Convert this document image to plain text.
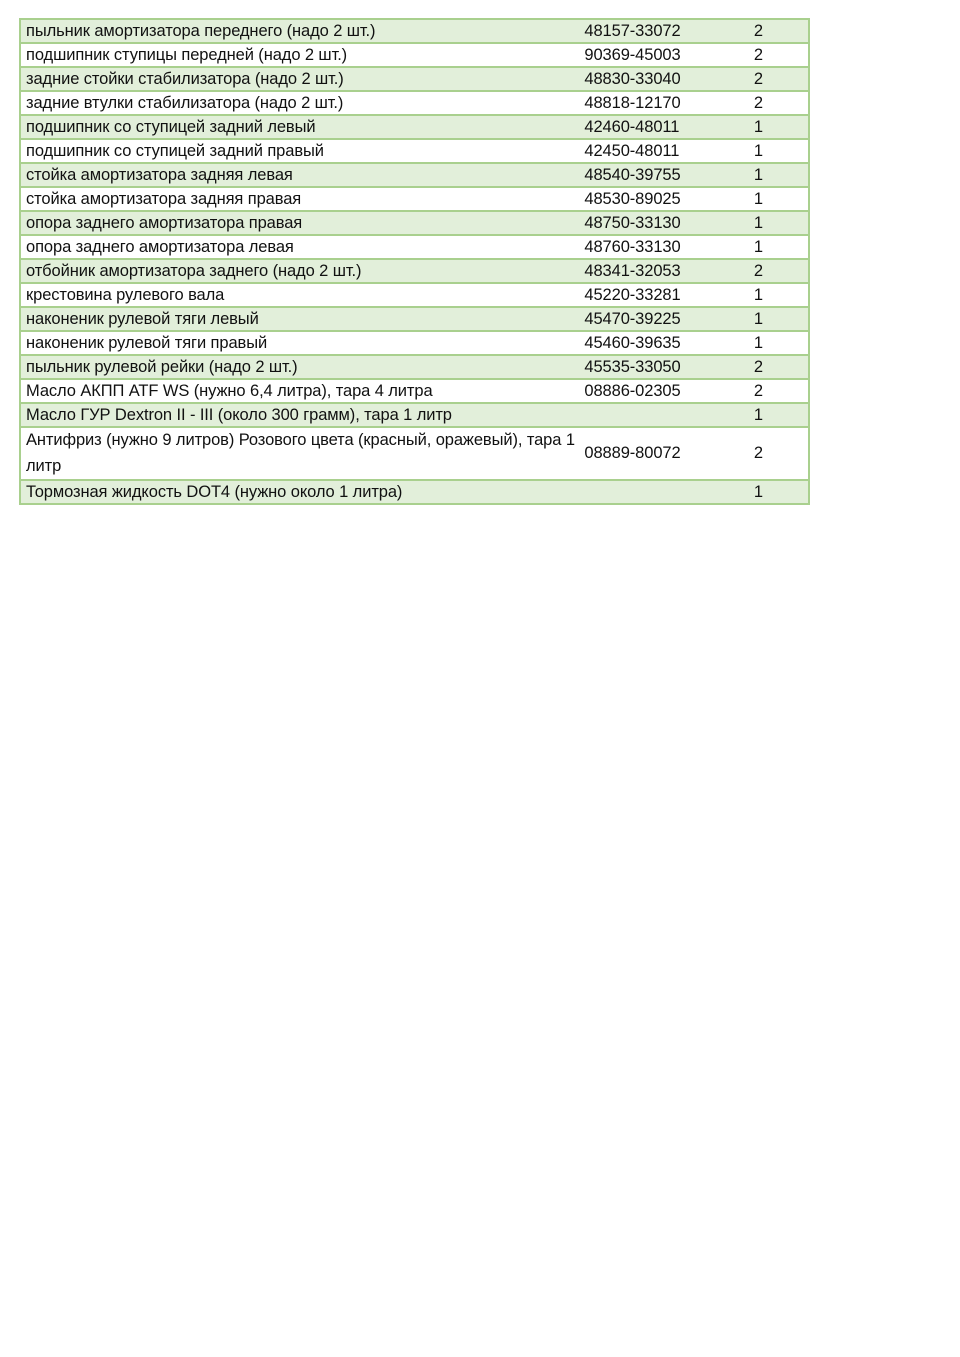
пыльник амортизатора переднего (надо 2 шт.)	48157-33072	2
подшипник ступицы передней (надо 2 шт.)	90369-45003	2
задние стойки стабилизатора (надо 2 шт.)	48830-33040	2
задние втулки стабилизатора (надо 2 шт.)	48818-12170	2
подшипник со ступицей задний левый	42460-48011	1
подшипник со ступицей задний правый	42450-48011	1
стойка амортизатора задняя левая	48540-39755	1
стойка амортизатора задняя правая	48530-89025	1
опора заднего амортизатора правая	48750-33130	1
опора заднего амортизатора левая	48760-33130	1
отбойник амортизатора заднего (надо 2 шт.)	48341-32053	2
крестовина рулевого вала	45220-33281	1
наконеник рулевой тяги левый	45470-39225	1
наконеник рулевой тяги правый	45460-39635	1
пыльник рулевой рейки (надо 2 шт.)	45535-33050	2
Масло АКПП ATF WS (нужно 6,4 литра), тара 4 литра	08886-02305	2
Масло ГУР Dextron II - III (около 300 грамм), тара 1 литр		1
Антифриз (нужно 9 литров) Розового цвета (красный, оражевый), тара 1 литр	08889-80072	2
Тормозная жидкость DOT4 (нужно около 1 литра)		1
